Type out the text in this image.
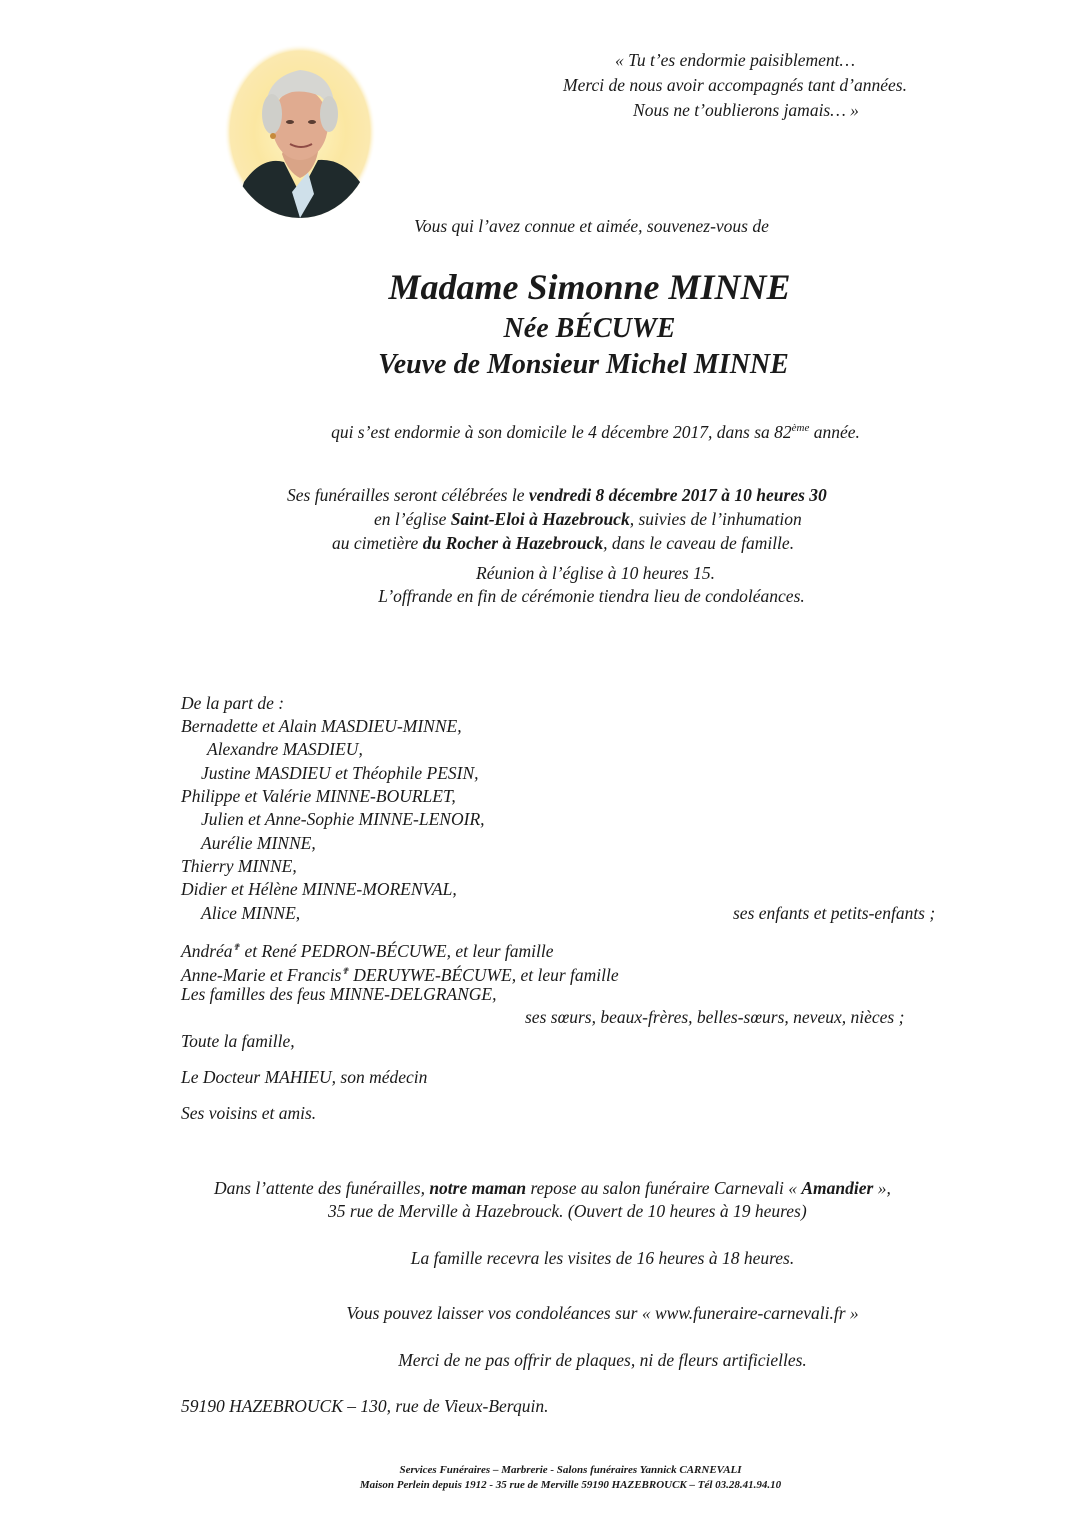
« Tu t’es endormie paisiblement…
Merci de nous avoir accompagnés tant d’années.
Nous ne t’oublierons jamais… »
Vous qui l’avez connue et aimée, souvenez-vous de
Madame Simonne MINNE
Née BÉCUWE
Veuve de Monsieur Michel MINNE
qui s’est endormie à son domicile le 4 décembre 2017, dans sa 82ème année.
Ses funérailles seront célébrées le vendredi 8 décembre 2017 à 10 heures 30
en l’église Saint-Eloi à Hazebrouck, suivies de l’inhumation
au cimetière du Rocher à Hazebrouck, dans le caveau de famille.
Réunion à l’église à 10 heures 15.
L’offrande en fin de cérémonie tiendra lieu de condoléances.
De la part de :
Bernadette et Alain MASDIEU-MINNE,
Alexandre MASDIEU,
Justine MASDIEU et Théophile PESIN,
Philippe et Valérie MINNE-BOURLET,
Julien et Anne-Sophie MINNE-LENOIR,
Aurélie MINNE,
Thierry MINNE,
Didier et Hélène MINNE-MORENVAL,
Alice MINNE,	ses enfants et petits-enfants ;
Andréa✟ et René PEDRON-BÉCUWE, et leur famille
Anne-Marie et Francis✟ DERUYWE-BÉCUWE, et leur famille
Les familles des feus MINNE-DELGRANGE,
ses sœurs, beaux-frères, belles-sœurs, neveux, nièces ;
Toute la famille,
Le Docteur MAHIEU, son médecin
Ses voisins et amis.
Dans l’attente des funérailles, notre maman repose au salon funéraire Carnevali « Amandier »,
35 rue de Merville à Hazebrouck. (Ouvert de 10 heures à 19 heures)
La famille recevra les visites de 16 heures à 18 heures.
Vous pouvez laisser vos condoléances sur « www.funeraire-carnevali.fr »
Merci de ne pas offrir de plaques, ni de fleurs artificielles.
59190 HAZEBROUCK – 130, rue de Vieux-Berquin.
Services Funéraires – Marbrerie - Salons funéraires Yannick CARNEVALI
Maison Perlein depuis 1912 - 35 rue de Merville 59190 HAZEBROUCK – Tél 03.28.41.94.10
